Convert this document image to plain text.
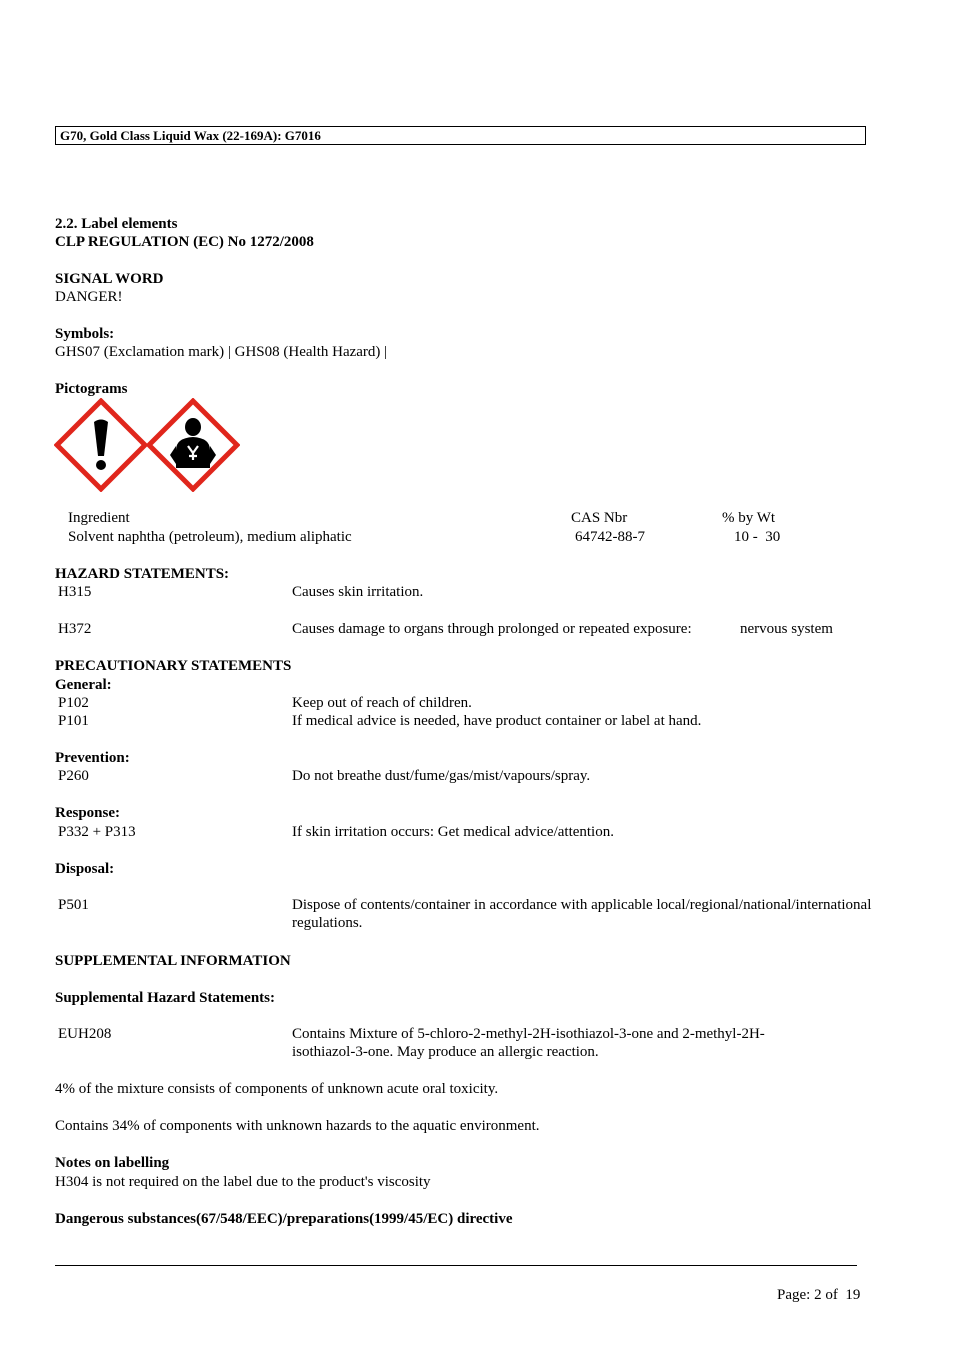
G70, Gold Class Liquid Wax (22-169A): G7016
2.2. Label elements
CLP REGULATION (EC) No 1272/2008
SIGNAL WORD
DANGER!
Symbols:
GHS07 (Exclamation mark) | GHS08 (Health Hazard) |
Pictograms
Ingredient	CAS Nbr	% by Wt
Solvent naphtha (petroleum), medium aliphatic	64742-88-7	10 -  30
HAZARD STATEMENTS:
H315	Causes skin irritation.
H372	Causes damage to organs through prolonged or repeated exposure:	nervous system
PRECAUTIONARY STATEMENTS
General:
P102	Keep out of reach of children.
P101	If medical advice is needed, have product container or label at hand.
Prevention:
P260	Do not breathe dust/fume/gas/mist/vapours/spray.
Response:
P332 + P313	If skin irritation occurs: Get medical advice/attention.
Disposal:
P501	Dispose of contents/container in accordance with applicable local/regional/national/international regulations.
SUPPLEMENTAL INFORMATION
Supplemental Hazard Statements:
EUH208	Contains Mixture of 5-chloro-2-methyl-2H-isothiazol-3-one and 2-methyl-2H-isothiazol-3-one. May produce an allergic reaction.
4% of the mixture consists of components of unknown acute oral toxicity.
Contains 34% of components with unknown hazards to the aquatic environment.
Notes on labelling
H304 is not required on the label due to the product's viscosity
Dangerous substances(67/548/EEC)/preparations(1999/45/EC) directive
Page: 2 of  19
